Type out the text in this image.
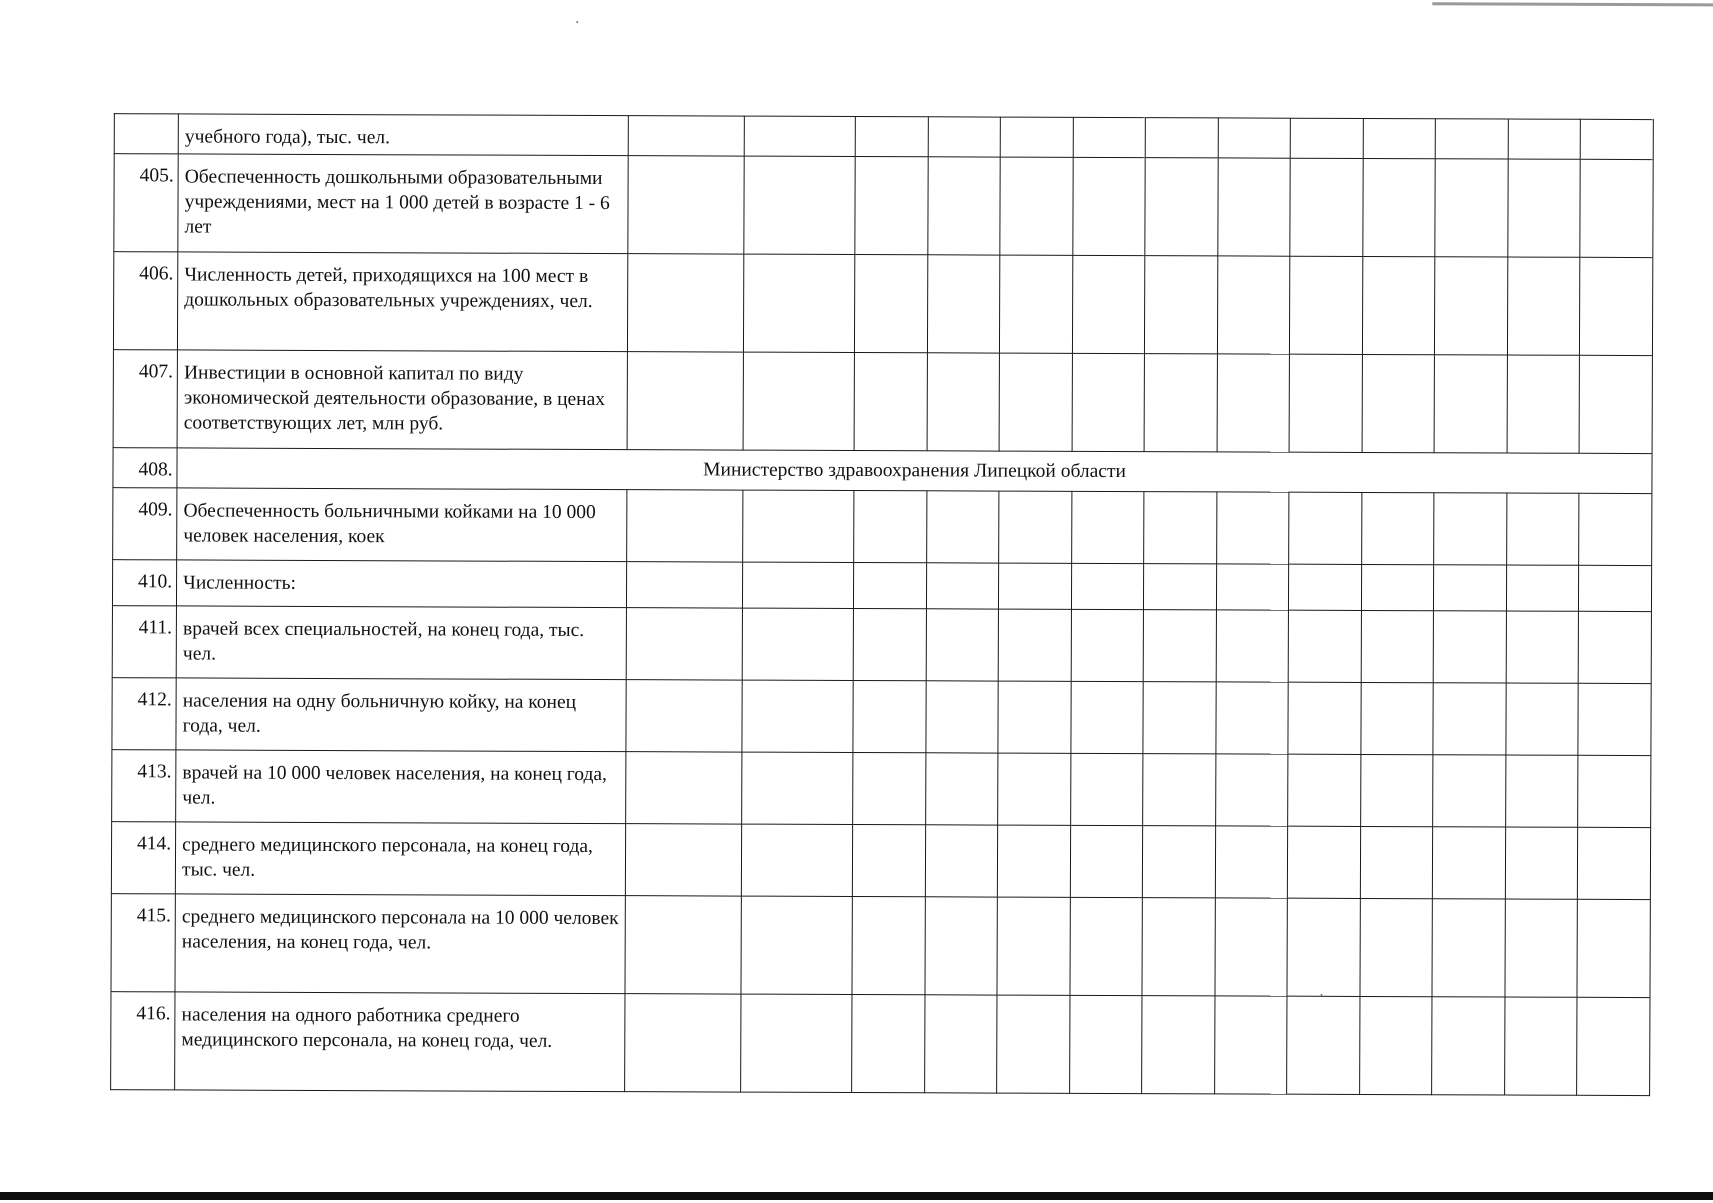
	учебного года), тыс. чел.													
405.	Обеспеченность дошкольными образовательными учреждениями, мест на 1 000 детей в возрасте 1 - 6 лет													
406.	Численность детей, приходящихся на 100 мест в дошкольных образовательных учреждениях, чел.													
407.	Инвестиции в основной капитал по виду экономической деятельности образование, в ценах соответствующих лет, млн руб.													
408.	Министерство здравоохранения Липецкой области													
409.	Обеспеченность больничными койками на 10 000 человек населения, коек													
410.	Численность:													
411.	врачей всех специальностей, на конец года, тыс. чел.													
412.	населения на одну больничную койку, на конец года, чел.													
413.	врачей на 10 000 человек населения, на конец года, чел.													
414.	среднего медицинского персонала, на конец года, тыс. чел.													
415.	среднего медицинского персонала на 10 000 человек населения, на конец года, чел.													
416.	населения на одного работника среднего медицинского персонала, на конец года, чел.													
